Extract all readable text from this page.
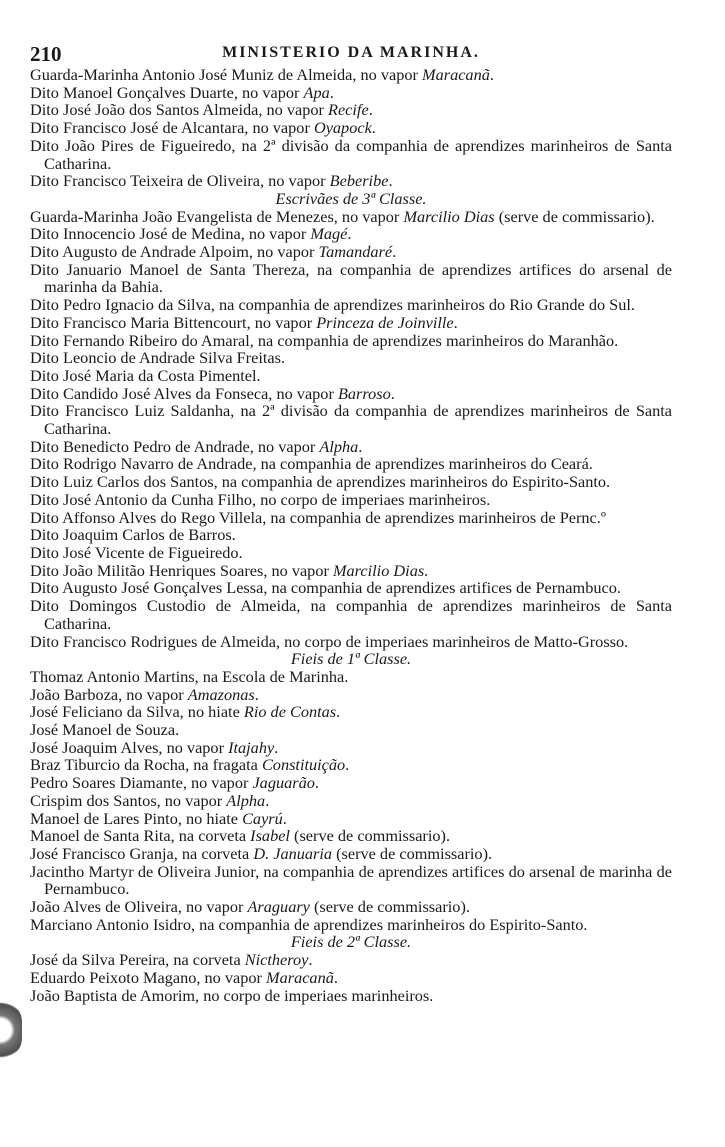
210	MINISTERIO DA MARINHA.
Guarda-Marinha Antonio José Muniz de Almeida, no vapor Maracanã.
Dito Manoel Gonçalves Duarte, no vapor Apa.
Dito José João dos Santos Almeida, no vapor Recife.
Dito Francisco José de Alcantara, no vapor Oyapock.
Dito João Pires de Figueiredo, na 2ª divisão da companhia de aprendizes marinheiros de Santa Catharina.
Dito Francisco Teixeira de Oliveira, no vapor Beberibe.
Escrivães de 3ª Classe.
Guarda-Marinha João Evangelista de Menezes, no vapor Marcilio Dias (serve de commissario).
Dito Innocencio José de Medina, no vapor Magé.
Dito Augusto de Andrade Alpoim, no vapor Tamandaré.
Dito Januario Manoel de Santa Thereza, na companhia de aprendizes artifices do arsenal de marinha da Bahia.
Dito Pedro Ignacio da Silva, na companhia de aprendizes marinheiros do Rio Grande do Sul.
Dito Francisco Maria Bittencourt, no vapor Princeza de Joinville.
Dito Fernando Ribeiro do Amaral, na companhia de aprendizes marinheiros do Maranhão.
Dito Leoncio de Andrade Silva Freitas.
Dito José Maria da Costa Pimentel.
Dito Candido José Alves da Fonseca, no vapor Barroso.
Dito Francisco Luiz Saldanha, na 2ª divisão da companhia de aprendizes marinheiros de Santa Catharina.
Dito Benedicto Pedro de Andrade, no vapor Alpha.
Dito Rodrigo Navarro de Andrade, na companhia de aprendizes marinheiros do Ceará.
Dito Luiz Carlos dos Santos, na companhia de aprendizes marinheiros do Espirito-Santo.
Dito José Antonio da Cunha Filho, no corpo de imperiaes marinheiros.
Dito Affonso Alves do Rego Villela, na companhia de aprendizes marinheiros de Pernc.º
Dito Joaquim Carlos de Barros.
Dito José Vicente de Figueiredo.
Dito João Militão Henriques Soares, no vapor Marcilio Dias.
Dito Augusto José Gonçalves Lessa, na companhia de aprendizes artifices de Pernambuco.
Dito Domingos Custodio de Almeida, na companhia de aprendizes marinheiros de Santa Catharina.
Dito Francisco Rodrigues de Almeida, no corpo de imperiaes marinheiros de Matto-Grosso.
Fieis de 1ª Classe.
Thomaz Antonio Martins, na Escola de Marinha.
João Barboza, no vapor Amazonas.
José Feliciano da Silva, no hiate Rio de Contas.
José Manoel de Souza.
José Joaquim Alves, no vapor Itajahy.
Braz Tiburcio da Rocha, na fragata Constituição.
Pedro Soares Diamante, no vapor Jaguarão.
Crispim dos Santos, no vapor Alpha.
Manoel de Lares Pinto, no hiate Cayrú.
Manoel de Santa Rita, na corveta Isabel (serve de commissario).
José Francisco Granja, na corveta D. Januaria (serve de commissario).
Jacintho Martyr de Oliveira Junior, na companhia de aprendizes artifices do arsenal de marinha de Pernambuco.
João Alves de Oliveira, no vapor Araguary (serve de commissario).
Marciano Antonio Isidro, na companhia de aprendizes marinheiros do Espirito-Santo.
Fieis de 2ª Classe.
José da Silva Pereira, na corveta Nictheroy.
Eduardo Peixoto Magano, no vapor Maracanã.
João Baptista de Amorim, no corpo de imperiaes marinheiros.
